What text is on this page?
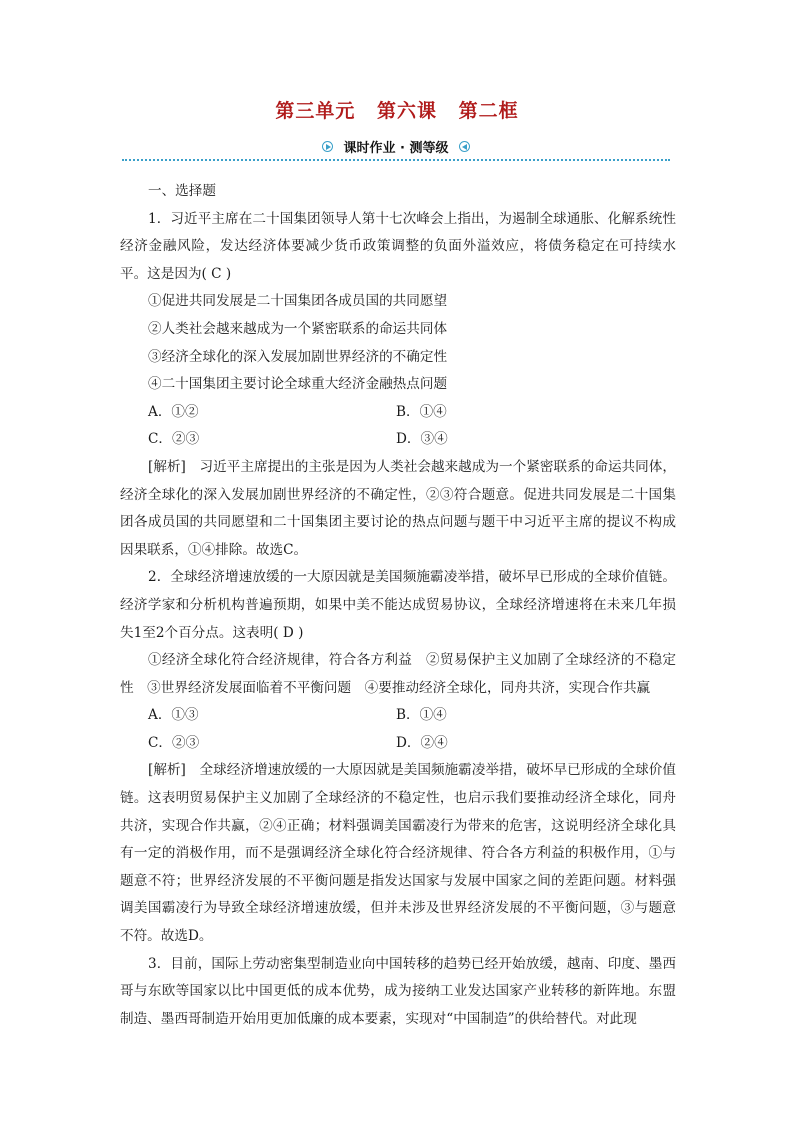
第三单元 第六课 第二框
课时作业 · 测等级

一、选择题

1．习近平主席在二十国集团领导人第十七次峰会上指出，为遏制全球通胀、化解系统性经济金融风险，发达经济体要减少货币政策调整的负面外溢效应，将债务稳定在可持续水平。这是因为( C )

①促进共同发展是二十国集团各成员国的共同愿望

②人类社会越来越成为一个紧密联系的命运共同体

③经济全球化的深入发展加剧世界经济的不确定性

④二十国集团主要讨论全球重大经济金融热点问题

A．①②	B．①④
C．②③	D．③④

[解析]　习近平主席提出的主张是因为人类社会越来越成为一个紧密联系的命运共同体，经济全球化的深入发展加剧世界经济的不确定性，②③符合题意。促进共同发展是二十国集团各成员国的共同愿望和二十国集团主要讨论的热点问题与题干中习近平主席的提议不构成因果联系，①④排除。故选C。

2．全球经济增速放缓的一大原因就是美国频施霸凌举措，破坏早已形成的全球价值链。经济学家和分析机构普遍预期，如果中美不能达成贸易协议，全球经济增速将在未来几年损失1至2个百分点。这表明( D )

①经济全球化符合经济规律，符合各方利益　②贸易保护主义加剧了全球经济的不稳定性　③世界经济发展面临着不平衡问题　④要推动经济全球化，同舟共济，实现合作共赢

A．①③	B．①④
C．②③	D．②④

[解析]　全球经济增速放缓的一大原因就是美国频施霸凌举措，破坏早已形成的全球价值链。这表明贸易保护主义加剧了全球经济的不稳定性，也启示我们要推动经济全球化，同舟共济，实现合作共赢，②④正确；材料强调美国霸凌行为带来的危害，这说明经济全球化具有一定的消极作用，而不是强调经济全球化符合经济规律、符合各方利益的积极作用，①与题意不符；世界经济发展的不平衡问题是指发达国家与发展中国家之间的差距问题。材料强调美国霸凌行为导致全球经济增速放缓，但并未涉及世界经济发展的不平衡问题，③与题意不符。故选D。

3．目前，国际上劳动密集型制造业向中国转移的趋势已经开始放缓，越南、印度、墨西哥与东欧等国家以比中国更低的成本优势，成为接纳工业发达国家产业转移的新阵地。东盟制造、墨西哥制造开始用更加低廉的成本要素，实现对“中国制造”的供给替代。对此现
